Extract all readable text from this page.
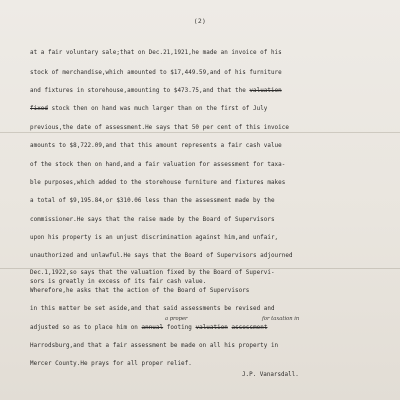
(2)
at a fair voluntary sale;that on Dec.21,1921,he made an invoice of his
stock of merchandise,which amounted to $17,449.59,and of his furniture
and fixtures in storehouse,amounting to $473.75,and that the valuation
fixed stock then on hand was much larger than on the first of July
previous,the date of assessment.He says that 50 per cent of this invoice
amounts to $8,722.09,and that this amount represents a fair cash value
of the stock then on hand,and a fair valuation for assessment for taxa-
ble purposes,which added to the storehouse furniture and fixtures makes
a total of $9,195.84,or $310.06 less than the assessment made by the
commissioner.He says that the raise made by the Board of Supervisors
upon his property is an unjust discrimination against him,and unfair,
unauthorized and unlawful.He says that the Board of Supervisors adjourned
Dec.1,1922,so says that the valuation fixed by the Board of Supervi-
sors is greatly in excess of its fair cash value.
Wherefore,he asks that the action of the Board of Supervisors
in this matter be set aside,and that said assessments be revised and
a proper
adjusted so as to place him on annual footing valuation assessment
for taxation in
Harrodsburg,and that a fair assessment be made on all his property in
Mercer County.He prays for all proper relief.
J.P. Vanarsdall.
